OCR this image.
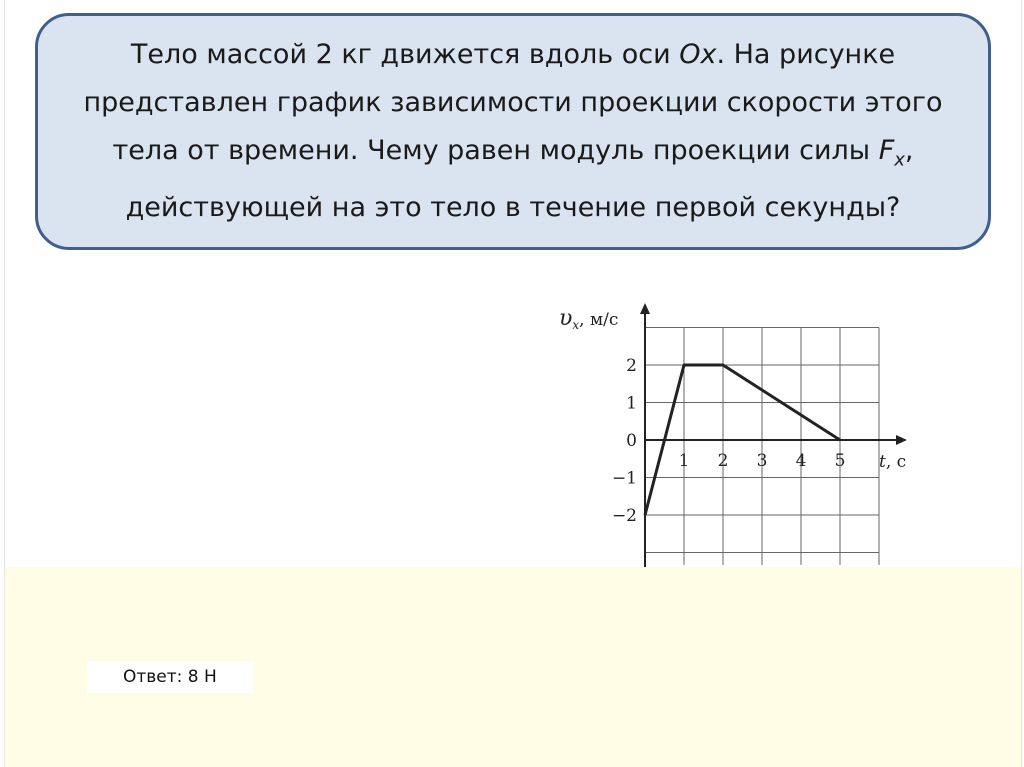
Тело массой 2 кг движется вдоль оси Ox. На рисунке представлен график зависимости проекции скорости этого тела от времени. Чему равен модуль проекции силы $F_x$, действующей на это тело в течение первой секунды?

1 2 3 4 5
2
1
0
−1
−2
$\upsilon_x$, м/с
t, с
Ответ: 8 Н
